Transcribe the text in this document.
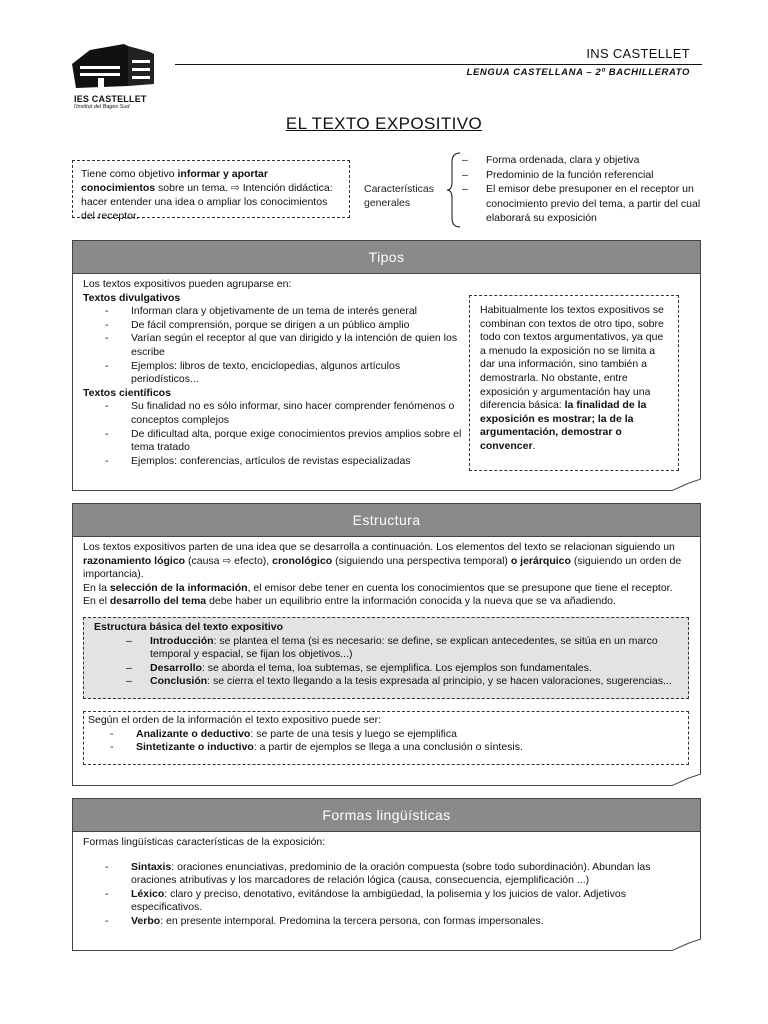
IES CASTELLET
l'institut del Bages Sud
INS CASTELLET
LENGUA CASTELLANA – 2º BACHILLERATO
EL TEXTO EXPOSITIVO
Tiene como objetivo informar y aportar conocimientos sobre un tema. ⇨ Intención didáctica: hacer entender una idea o ampliar los conocimientos del receptor.
Características
generales
– Forma ordenada, clara y objetiva
– Predominio de la función referencial
– El emisor debe presuponer en el receptor un conocimiento previo del tema, a partir del cual elaborará su exposición
Tipos
Los textos expositivos pueden agruparse en:
Textos divulgativos
- Informan clara y objetivamente de un tema de interés general
- De fácil comprensión, porque se dirigen a un público amplio
- Varían según el receptor al que van dirigido y la intención de quien los escribe
- Ejemplos: libros de texto, enciclopedias, algunos artículos periodísticos...
Textos científicos
- Su finalidad no es sólo informar, sino hacer comprender fenómenos o conceptos complejos
- De dificultad alta, porque exige conocimientos previos amplios sobre el tema tratado
- Ejemplos: conferencias, artículos de revistas especializadas
Habitualmente los textos expositivos se combinan con textos de otro tipo, sobre todo con textos argumentativos, ya que a menudo la exposición no se limita a dar una información, sino también a demostrarla. No obstante, entre exposición y argumentación hay una diferencia básica: la finalidad de la exposición es mostrar; la de la argumentación, demostrar o convencer.
Estructura
Los textos expositivos parten de una idea que se desarrolla a continuación. Los elementos del texto se relacionan siguiendo un razonamiento lógico (causa ⇨ efecto), cronológico (siguiendo una perspectiva temporal) o jerárquico (siguiendo un orden de importancia).
En la selección de la información, el emisor debe tener en cuenta los conocimientos que se presupone que tiene el receptor.
En el desarrollo del tema debe haber un equilibrio entre la información conocida y la nueva que se va añadiendo.
Estructura básica del texto expositivo
– Introducción: se plantea el tema (si es necesario: se define, se explican antecedentes, se sitúa en un marco temporal y espacial, se fijan los objetivos...)
– Desarrollo: se aborda el tema, loa subtemas, se ejemplifica. Los ejemplos son fundamentales.
– Conclusión: se cierra el texto llegando a la tesis expresada al principio, y se hacen valoraciones, sugerencias...
Según el orden de la información el texto expositivo puede ser:
- Analizante o deductivo: se parte de una tesis y luego se ejemplifica
- Sintetizante o inductivo: a partir de ejemplos se llega a una conclusión o síntesis.
Formas lingüísticas
Formas lingüísticas características de la exposición:
- Sintaxis: oraciones enunciativas, predominio de la oración compuesta (sobre todo subordinación). Abundan las oraciones atributivas y los marcadores de relación lógica (causa, consecuencia, ejemplificación ...)
- Léxico: claro y preciso, denotativo, evitándose la ambigüedad, la polisemia y los juicios de valor. Adjetivos especificativos.
- Verbo: en presente intemporal. Predomina la tercera persona, con formas impersonales.
